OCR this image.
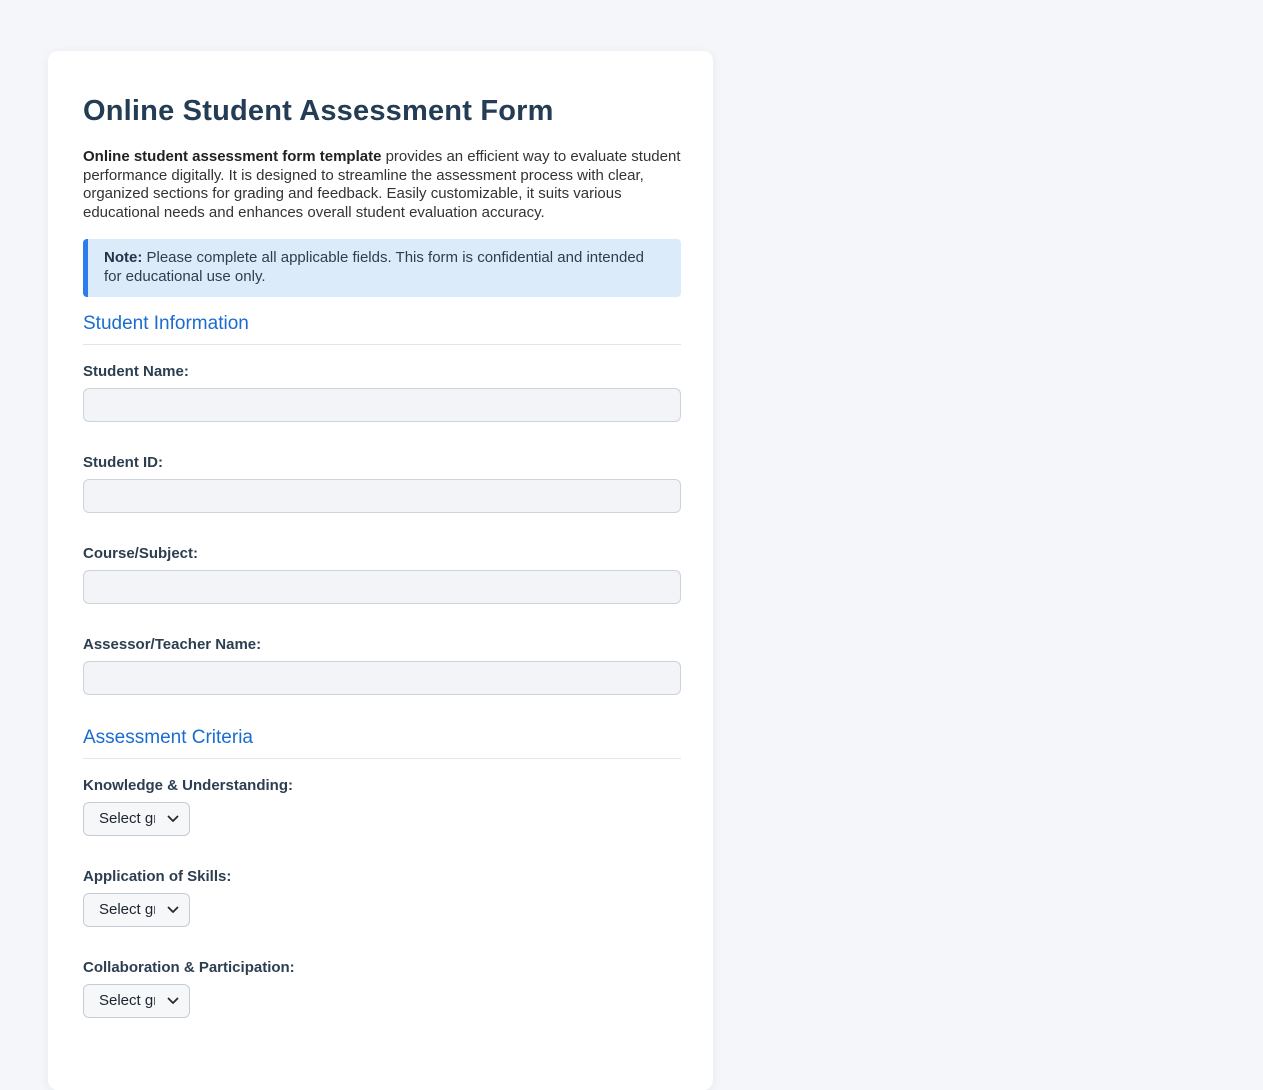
Online Student Assessment Form

Online student assessment form template provides an efficient way to evaluate student performance digitally. It is designed to streamline the assessment process with clear, organized sections for grading and feedback. Easily customizable, it suits various educational needs and enhances overall student evaluation accuracy.

Note: Please complete all applicable fields. This form is confidential and intended for educational use only.
Student Information
Student Name:
Student ID:
Course/Subject:
Assessor/Teacher Name:
Assessment Criteria
Knowledge & Understanding:
Select grade
Application of Skills:
Select grade
Collaboration & Participation:
Select grade
